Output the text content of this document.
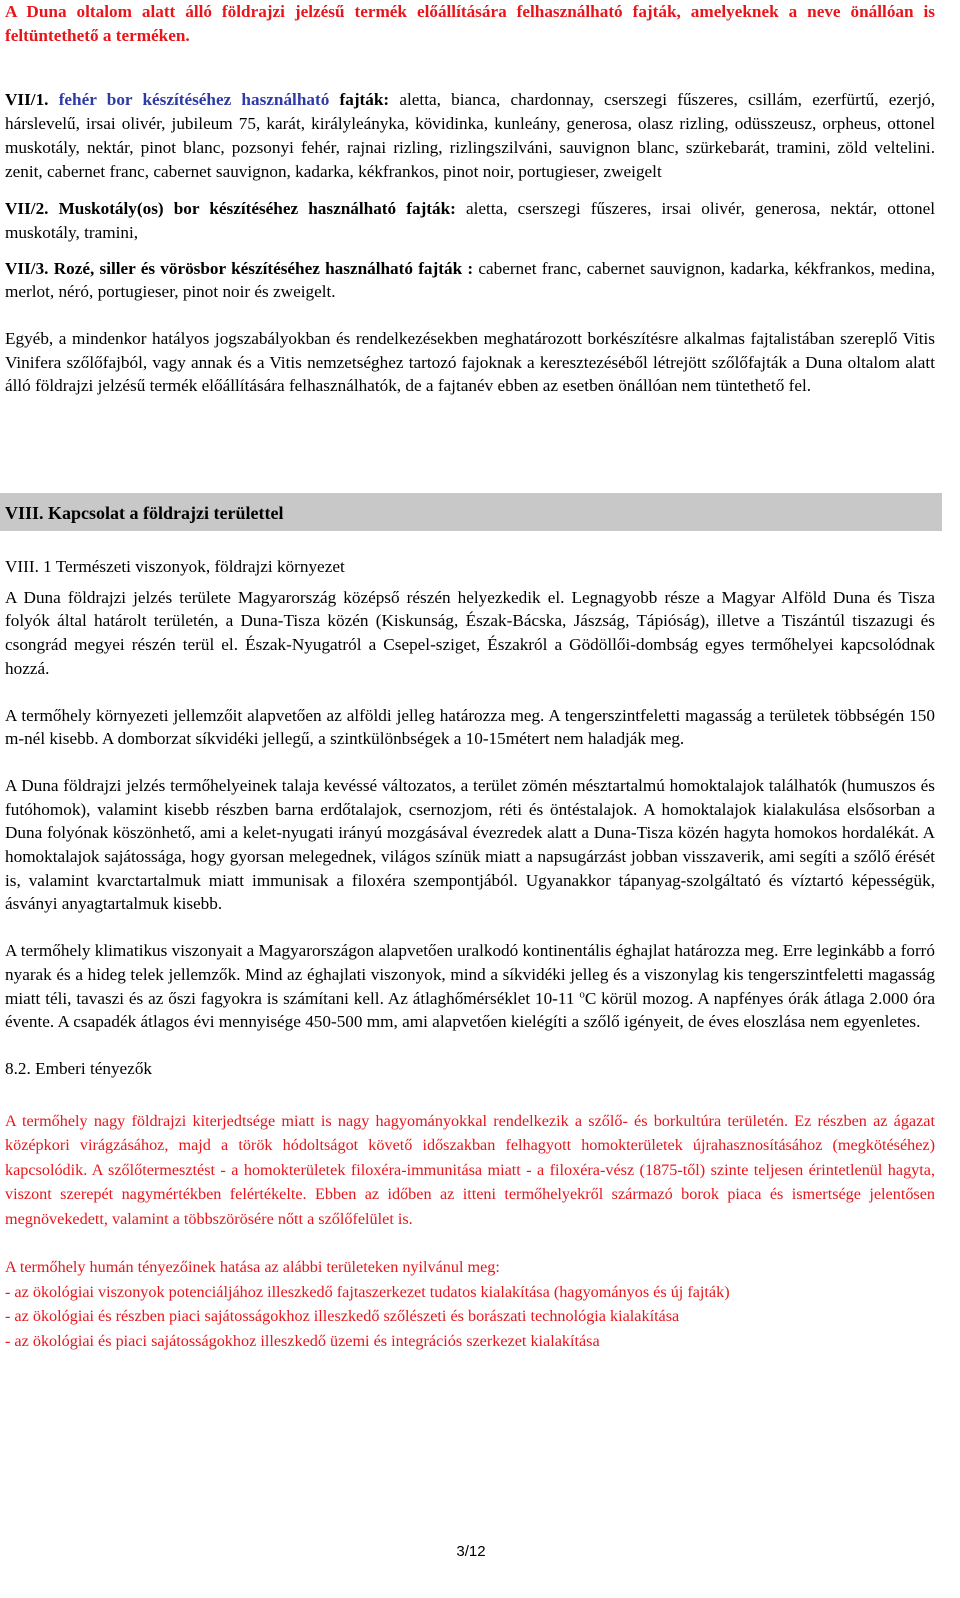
A Duna oltalom alatt álló földrajzi jelzésű termék előállítására felhasználható fajták, amelyeknek a neve önállóan is feltüntethető a terméken.

VII/1. fehér bor készítéséhez használható fajták: aletta, bianca, chardonnay, cserszegi fűszeres, csillám, ezerfürtű, ezerjó, hárslevelű, irsai olivér, jubileum 75, karát, királyleányka, kövidinka, kunleány, generosa, olasz rizling, odüsszeusz, orpheus, ottonel muskotály, nektár, pinot blanc, pozsonyi fehér, rajnai rizling, rizlingszilváni, sauvignon blanc, szürkebarát, tramini, zöld veltelini. zenit, cabernet franc, cabernet sauvignon, kadarka, kékfrankos, pinot noir, portugieser, zweigelt

VII/2. Muskotály(os) bor készítéséhez használható fajták: aletta, cserszegi fűszeres, irsai olivér, generosa, nektár, ottonel muskotály, tramini,

VII/3. Rozé, siller és vörösbor készítéséhez használható fajták : cabernet franc, cabernet sauvignon, kadarka, kékfrankos, medina, merlot, néró, portugieser, pinot noir és zweigelt.

Egyéb, a mindenkor hatályos jogszabályokban és rendelkezésekben meghatározott borkészítésre alkalmas fajtalistában szereplő Vitis Vinifera szőlőfajból, vagy annak és a Vitis nemzetséghez tartozó fajoknak a keresztezéséből létrejött szőlőfajták a Duna oltalom alatt álló földrajzi jelzésű termék előállítására felhasználhatók, de a fajtanév ebben az esetben önállóan nem tüntethető fel.

VIII. Kapcsolat a földrajzi területtel

VIII. 1 Természeti viszonyok, földrajzi környezet

A Duna földrajzi jelzés területe Magyarország középső részén helyezkedik el. Legnagyobb része a Magyar Alföld Duna és Tisza folyók által határolt területén, a Duna-Tisza közén (Kiskunság, Észak-Bácska, Jászság, Tápióság), illetve a Tiszántúl tiszazugi és csongrád megyei részén terül el. Észak-Nyugatról a Csepel-sziget, Északról a Gödöllői-dombság egyes termőhelyei kapcsolódnak hozzá.

A termőhely környezeti jellemzőit alapvetően az alföldi jelleg határozza meg. A tengerszintfeletti magasság a területek többségén 150 m-nél kisebb. A domborzat síkvidéki jellegű, a szintkülönbségek a 10-15métert nem haladják meg.

A Duna földrajzi jelzés termőhelyeinek talaja kevéssé változatos, a terület zömén mésztartalmú homoktalajok találhatók (humuszos és futóhomok), valamint kisebb részben barna erdőtalajok, csernozjom, réti és öntéstalajok. A homoktalajok kialakulása elsősorban a Duna folyónak köszönhető, ami a kelet-nyugati irányú mozgásával évezredek alatt a Duna-Tisza közén hagyta homokos hordalékát. A homoktalajok sajátossága, hogy gyorsan melegednek, világos színük miatt a napsugárzást jobban visszaverik, ami segíti a szőlő érését is, valamint kvarctartalmuk miatt immunisak a filoxéra szempontjából. Ugyanakkor tápanyag-szolgáltató és víztartó képességük, ásványi anyagtartalmuk kisebb.

A termőhely klimatikus viszonyait a Magyarországon alapvetően uralkodó kontinentális éghajlat határozza meg. Erre leginkább a forró nyarak és a hideg telek jellemzők. Mind az éghajlati viszonyok, mind a síkvidéki jelleg és a viszonylag kis tengerszintfeletti magasság miatt téli, tavaszi és az őszi fagyokra is számítani kell. Az átlaghőmérséklet 10-11 $^o$C körül mozog. A napfényes órák átlaga 2.000 óra évente. A csapadék átlagos évi mennyisége 450-500 mm, ami alapvetően kielégíti a szőlő igényeit, de éves eloszlása nem egyenletes.

8.2. Emberi tényezők

A termőhely nagy földrajzi kiterjedtsége miatt is nagy hagyományokkal rendelkezik a szőlő- és borkultúra területén. Ez részben az ágazat középkori virágzásához, majd a török hódoltságot követő időszakban felhagyott homokterületek újrahasznosításához (megkötéséhez) kapcsolódik. A szőlőtermesztést - a homokterületek filoxéra-immunitása miatt - a filoxéra-vész (1875-től) szinte teljesen érintetlenül hagyta, viszont szerepét nagymértékben felértékelte. Ebben az időben az itteni termőhelyekről származó borok piaca és ismertsége jelentősen megnövekedett, valamint a többszörösére nőtt a szőlőfelület is.

A termőhely humán tényezőinek hatása az alábbi területeken nyilvánul meg:

- az ökológiai viszonyok potenciáljához illeszkedő fajtaszerkezet tudatos kialakítása (hagyományos és új fajták)

- az ökológiai és részben piaci sajátosságokhoz illeszkedő szőlészeti és borászati technológia kialakítása

- az ökológiai és piaci sajátosságokhoz illeszkedő üzemi és integrációs szerkezet kialakítása

3/12
